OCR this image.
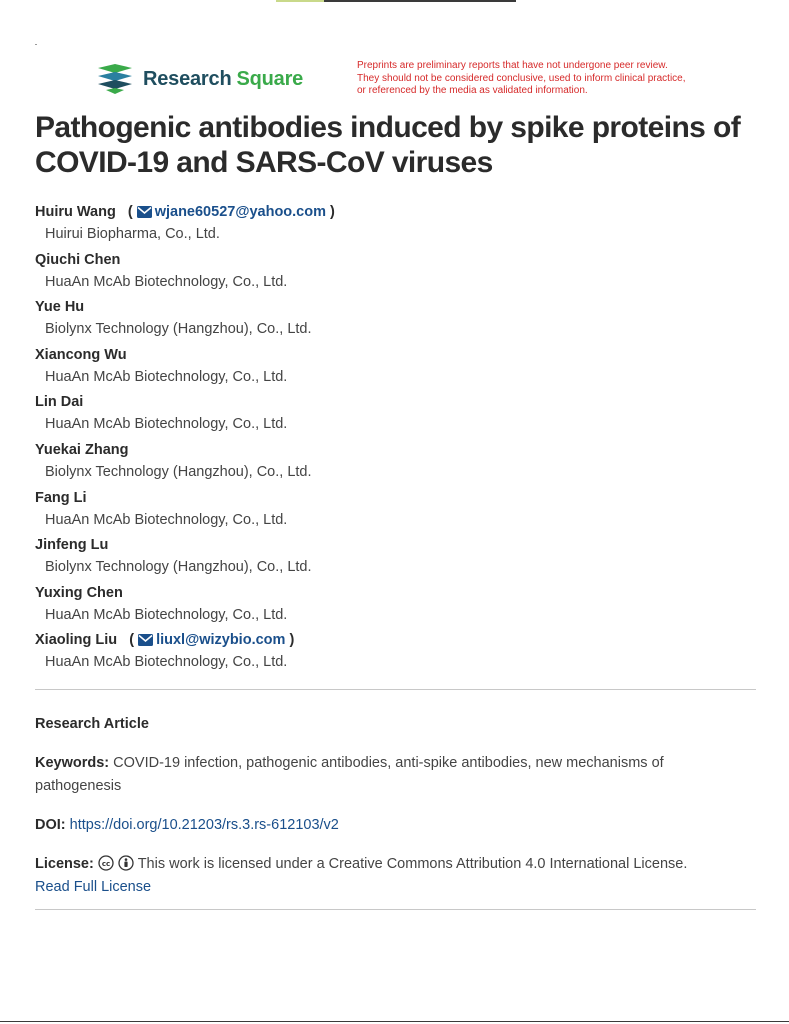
Research Square
Preprints are preliminary reports that have not undergone peer review.
They should not be considered conclusive, used to inform clinical practice,
or referenced by the media as validated information.
Pathogenic antibodies induced by spike proteins of COVID-19 and SARS-CoV viruses
Huiru Wang ( wjane60527@yahoo.com )
Huirui Biopharma, Co., Ltd.
Qiuchi Chen
HuaAn McAb Biotechnology, Co., Ltd.
Yue Hu
Biolynx Technology (Hangzhou), Co., Ltd.
Xiancong Wu
HuaAn McAb Biotechnology, Co., Ltd.
Lin Dai
HuaAn McAb Biotechnology, Co., Ltd.
Yuekai Zhang
Biolynx Technology (Hangzhou), Co., Ltd.
Fang Li
HuaAn McAb Biotechnology, Co., Ltd.
Jinfeng Lu
Biolynx Technology (Hangzhou), Co., Ltd.
Yuxing Chen
HuaAn McAb Biotechnology, Co., Ltd.
Xiaoling Liu ( liuxl@wizybio.com )
HuaAn McAb Biotechnology, Co., Ltd.
Research Article
Keywords: COVID-19 infection, pathogenic antibodies, anti-spike antibodies, new mechanisms of pathogenesis
DOI: https://doi.org/10.21203/rs.3.rs-612103/v2
License: cc This work is licensed under a Creative Commons Attribution 4.0 International License.
Read Full License
